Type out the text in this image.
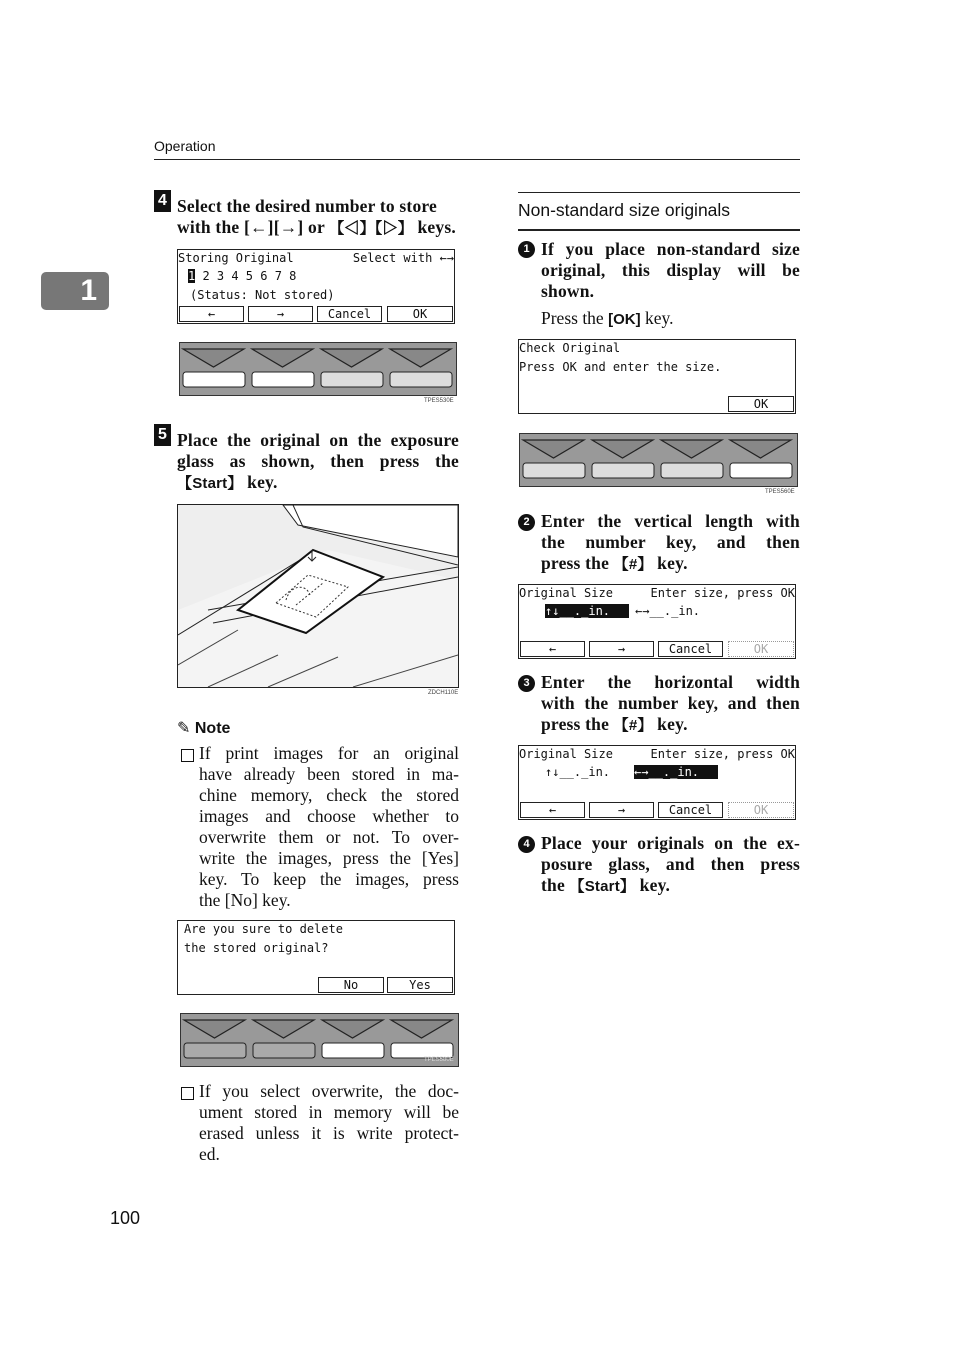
Operation
1
4 Select the desired number to store
with the [←][→] or 【◁】【▷】 keys.
Storing Original	Select with ←→
1 2 3 4 5 6 7 8
(Status: Not stored)
←	→	Cancel	OK
TPES530E
5 Place the original on the exposure
glass as shown, then press the
【Start】 key.
ZDCH110E
✎ Note
If print images for an original
have already been stored in ma-
chine memory, check the stored
images and choose whether to
overwrite them or not. To over-
write the images, press the [Yes]
key. To keep the images, press
the [No] key.
Are you sure to delete
the stored original?
No	Yes
TPES580E
If you select overwrite, the doc-
ument stored in memory will be
erased unless it is write protect-
ed.
Non-standard size originals
1 If you place non-standard size
original, this display will be
shown.
Press the [OK] key.
Check Original
Press OK and enter the size.
OK
TPES560E
2 Enter the vertical length with
the number key, and then
press the 【#】 key.
Original Size	Enter size, press OK
↑↓__._in.	←→__._in.
←	→	Cancel	OK
3 Enter the horizontal width
with the number key, and then
press the 【#】 key.
Original Size	Enter size, press OK
↑↓__._in. ←→__._in.
←	→	Cancel	OK
4 Place your originals on the ex-
posure glass, and then press
the 【Start】 key.
100
